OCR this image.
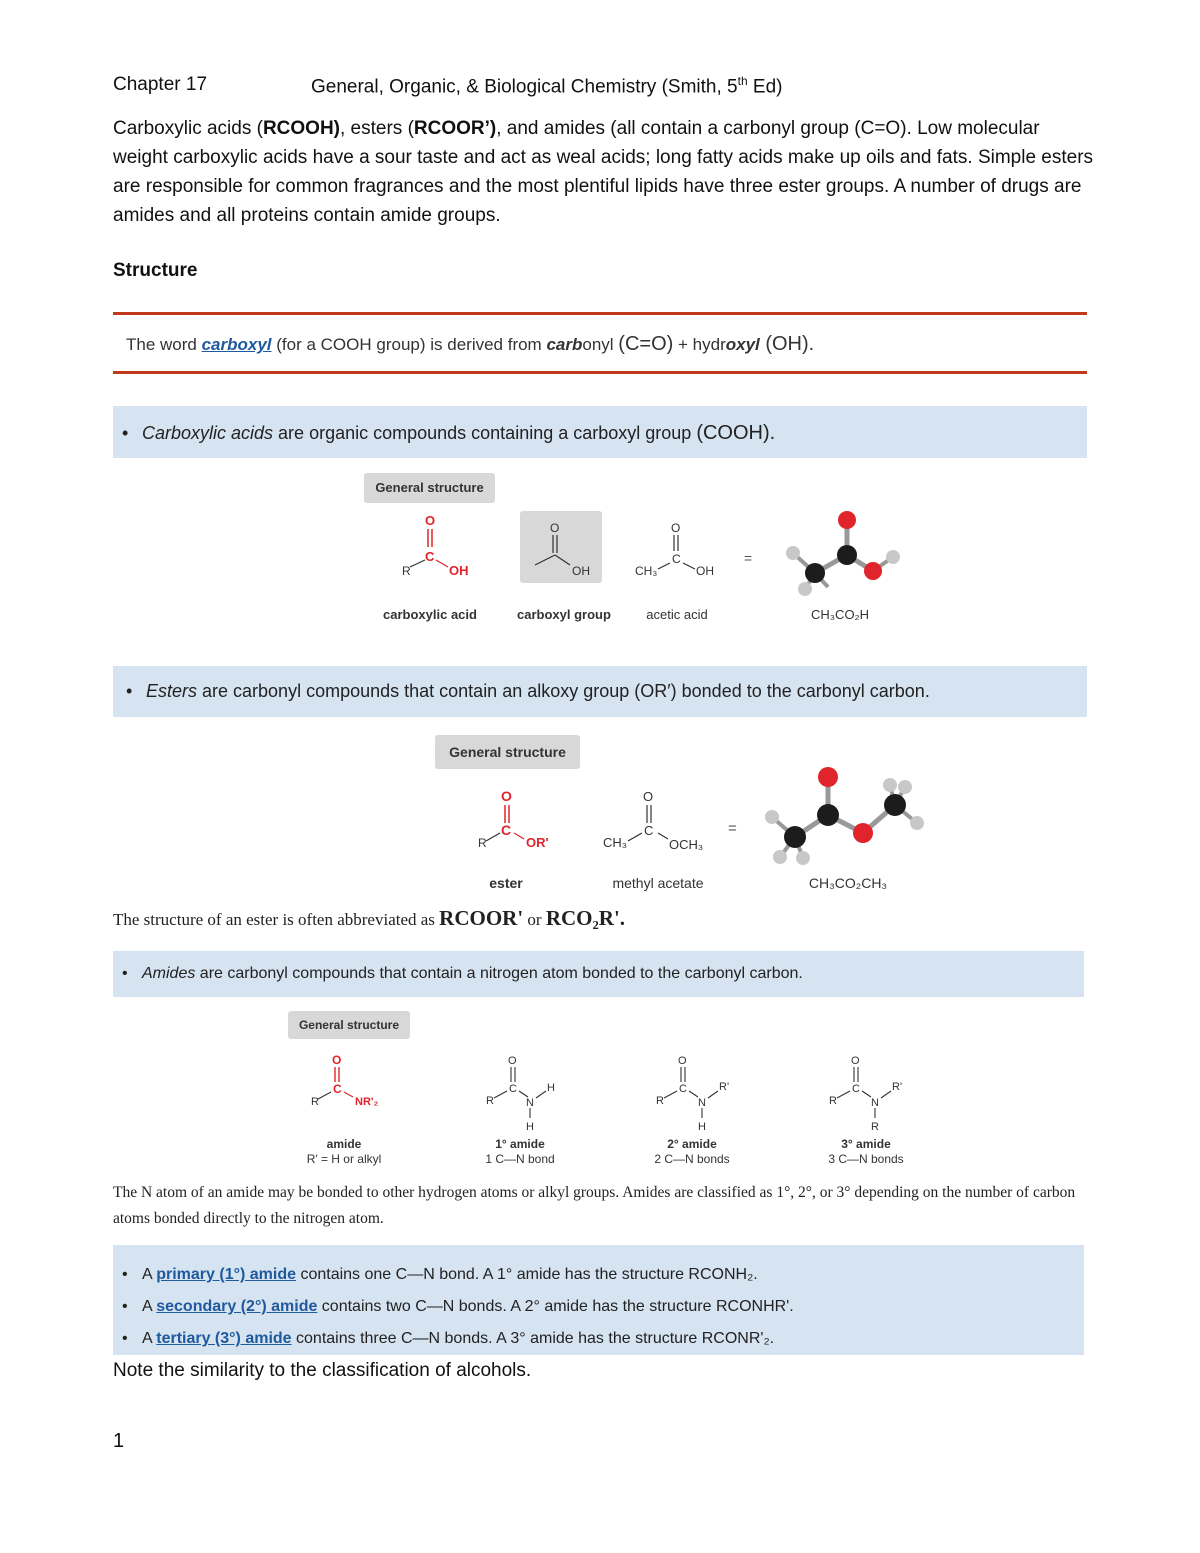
Chapter 17	General, Organic, & Biological Chemistry (Smith, 5th Ed)
Carboxylic acids (RCOOH), esters (RCOOR’), and amides (all contain a carbonyl group (C=O). Low molecular weight carboxylic acids have a sour taste and act as weal acids; long fatty acids make up oils and fats. Simple esters are responsible for common fragrances and the most plentiful lipids have three ester groups. A number of drugs are amides and all proteins contain amide groups.
Structure
The word carboxyl (for a COOH group) is derived from carbonyl (C=O) + hydroxyl (OH).
• Carboxylic acids are organic compounds containing a carboxyl group (COOH).
General structure
O
C
R	OH
O
OH
O
C
CH₃	OH
=
carboxylic acid	carboxyl group	acetic acid	CH₃CO₂H
• Esters are carbonyl compounds that contain an alkoxy group (OR′) bonded to the carbonyl carbon.
General structure
O
C
R	OR'
O
C
CH₃	OCH₃
=
ester	methyl acetate	CH₃CO₂CH₃
The structure of an ester is often abbreviated as RCOOR' or RCO₂R'.
• Amides are carbonyl compounds that contain a nitrogen atom bonded to the carbonyl carbon.
General structure
O
C
R	NR'₂
O
C
R	N
H
H
O
C
R	N
R'
H
O
C
R	N
R'
R
amide
R′ = H or alkyl
1° amide
1 C—N bond
2° amide
2 C—N bonds
3° amide
3 C—N bonds
The N atom of an amide may be bonded to other hydrogen atoms or alkyl groups. Amides are classified as 1°, 2°, or 3° depending on the number of carbon atoms bonded directly to the nitrogen atom.
• A primary (1°) amide contains one C—N bond. A 1° amide has the structure RCONH₂.
• A secondary (2°) amide contains two C—N bonds. A 2° amide has the structure RCONHR'.
• A tertiary (3°) amide contains three C—N bonds. A 3° amide has the structure RCONR'₂.
Note the similarity to the classification of alcohols.
1
